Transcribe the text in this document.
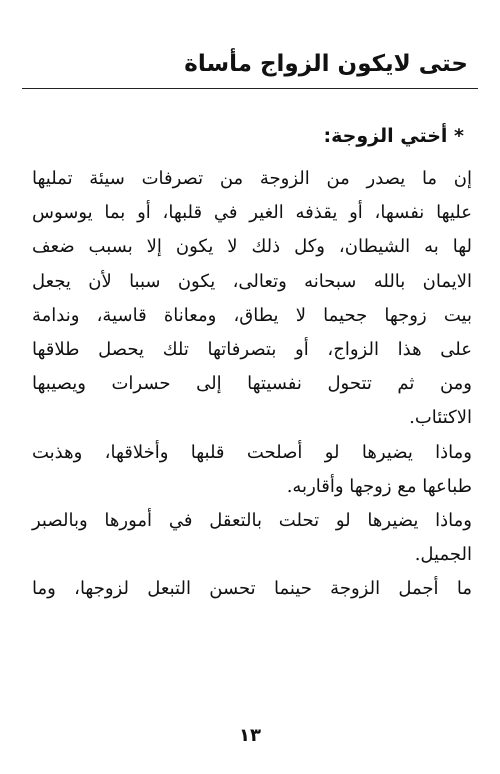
حتى لايكون الزواج مأساة
* أختي الزوجة:
إن ما يصدر من الزوجة من تصرفات سيئة تمليها
عليها نفسها، أو يقذفه الغير في قلبها، أو بما يوسوس
لها به الشيطان، وكل ذلك لا يكون إلا بسبب ضعف
الايمان بالله سبحانه وتعالى، يكون سببا لأن يجعل
بيت زوجها جحيما لا يطاق، ومعاناة قاسية، وندامة
على هذا الزواج، أو بتصرفاتها تلك يحصل طلاقها
ومن ثم تتحول نفسيتها إلى حسرات ويصيبها
الاكتئاب.
وماذا يضيرها لو أصلحت قلبها وأخلاقها، وهذبت
طباعها مع زوجها وأقاربه.
وماذا يضيرها لو تحلت بالتعقل في أمورها وبالصبر
الجميل.
ما أجمل الزوجة حينما تحسن التبعل لزوجها، وما
١٣
